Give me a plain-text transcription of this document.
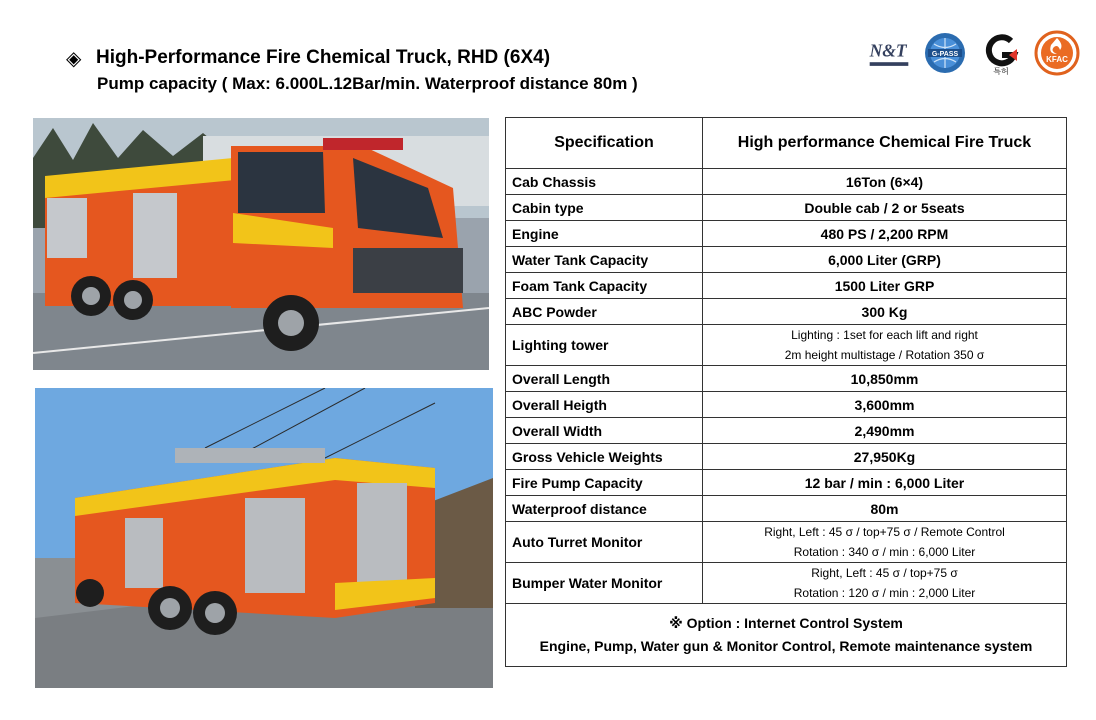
◈ High-Performance Fire Chemical Truck, RHD (6X4)
Pump capacity ( Max: 6.000L.12Bar/min. Waterproof distance 80m )
N&T	G-PASS
특허
KFAC
Specification	High performance Chemical Fire Truck
Cab Chassis	16Ton (6×4)
Cabin type	Double cab / 2 or 5seats
Engine	480 PS / 2,200 RPM
Water Tank Capacity	6,000 Liter (GRP)
Foam Tank Capacity	1500 Liter GRP
ABC Powder	300 Kg
Lighting tower	Lighting : 1set for each lift and right
2m height multistage / Rotation 350 σ

Overall Length	10,850mm
Overall Heigth	3,600mm
Overall Width	2,490mm
Gross Vehicle Weights	27,950Kg
Fire Pump Capacity	12 bar / min : 6,000 Liter
Waterproof distance	80m
Auto Turret Monitor	Right, Left : 45 σ / top+75 σ / Remote Control
Rotation : 340 σ / min : 6,000 Liter

Bumper Water Monitor	Right, Left : 45 σ / top+75 σ
Rotation : 120 σ / min : 2,000 Liter

※ Option : Internet Control System
Engine, Pump, Water gun & Monitor Control, Remote maintenance system	
